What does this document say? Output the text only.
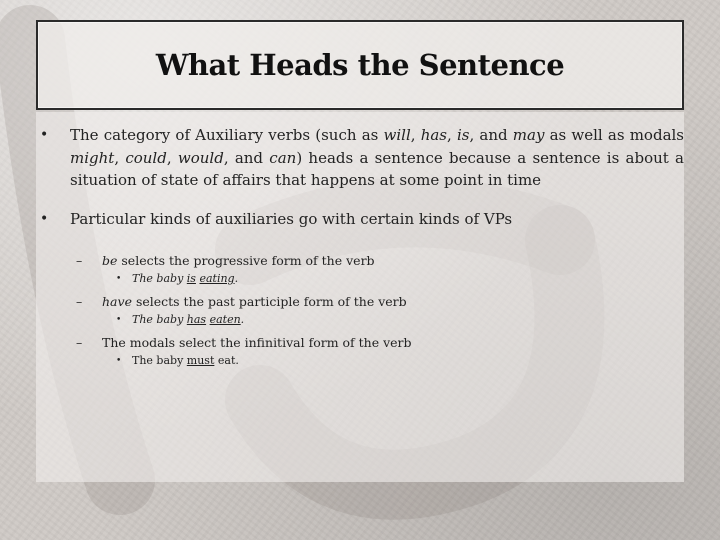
What Heads the Sentence
• The category of Auxiliary verbs (such as will, has, is, and may as well as modals might, could, would, and can) heads a sentence because a sentence is about a situation of state of affairs that happens at some point in time
• Particular kinds of auxiliaries go with certain kinds of VPs
– be selects the progressive form of the verb
• The baby is eating.
– have selects the past participle form of the verb
• The baby has eaten.
– The modals select the infinitival form of the verb
• The baby must eat.
